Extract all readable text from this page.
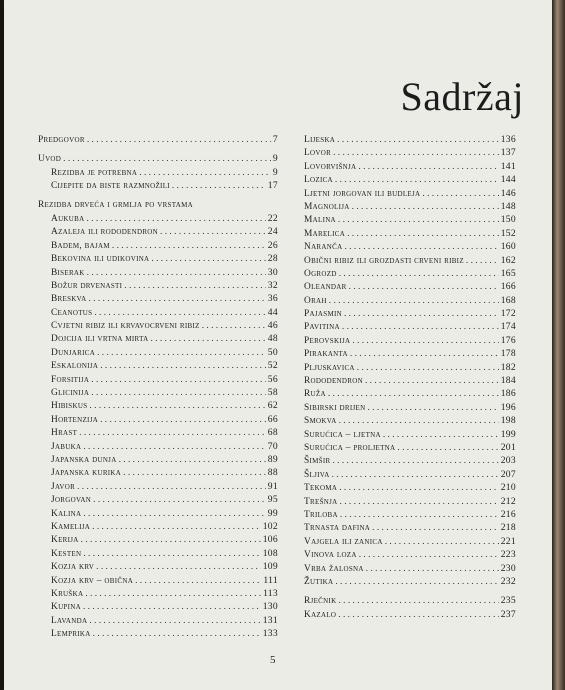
Sadržaj
Predgovor . . .	7
Uvod . . .	9
Rezidba je potrebna . . .	9
Cijepite da biste razmnožili . . .	17
Rezidba drveća i grmlja po vrstama
Aukuba . . .	22
Azaleja ili rododendron . . .	24
Badem, bajam . . .	26
Bekovina ili udikovina . . .	28
Biserak . . .	30
Božur drvenasti . . .	32
Breskva . . .	36
Ceanotus . . .	44
Cvjetni ribiz ili krvavocrveni ribiz . . .	46
Dojcija ili vrtna mirta . . .	48
Dunjarica . . .	50
Eskalonija . . .	52
Forsitija . . .	56
Glicinija . . .	58
Hibiskus . . .	62
Hortenzija . . .	66
Hrast . . .	68
Jabuka . . .	70
Japanska dunja . . .	89
Japanska kurika . . .	88
Javor . . .	91
Jorgovan . . .	95
Kalina . . .	99
Kamelija . . .	102
Kerija . . .	106
Kesten . . .	108
Kozja krv . . .	109
Kozja krv – obična . . .	111
Kruška . . .	113
Kupina . . .	130
Lavanda . . .	131
Lemprika . . .	133
Lijeska . . .	136
Lovor . . .	137
Lovorvišnja . . .	141
Lozica . . .	144
Ljetni jorgovan ili budleja . . .	146
Magnolija . . .	148
Malina . . .	150
Marelica . . .	152
Naranča . . .	160
Obični ribiz ili grozdasti crveni ribiz . . .	162
Ogrozd . . .	165
Oleandar . . .	166
Orah . . .	168
Pajasmin . . .	172
Pavitina . . .	174
Perovskija . . .	176
Pirakanta . . .	178
Pljuskavica . . .	182
Rododendron . . .	184
Ruža . . .	186
Sibirski drijen . . .	196
Smokva . . .	198
Surućica – ljetna . . .	199
Surućica – proljetna . . .	201
Šimšir . . .	203
Šljiva . . .	207
Tekoma . . .	210
Trešnja . . .	212
Triloba . . .	216
Trnasta dafina . . .	218
Vajgela ili zanica . . .	221
Vinova loza . . .	223
Vrba žalosna . . .	230
Žutika . . .	232
Rječnik . . .	235
Kazalo . . .	237
5
